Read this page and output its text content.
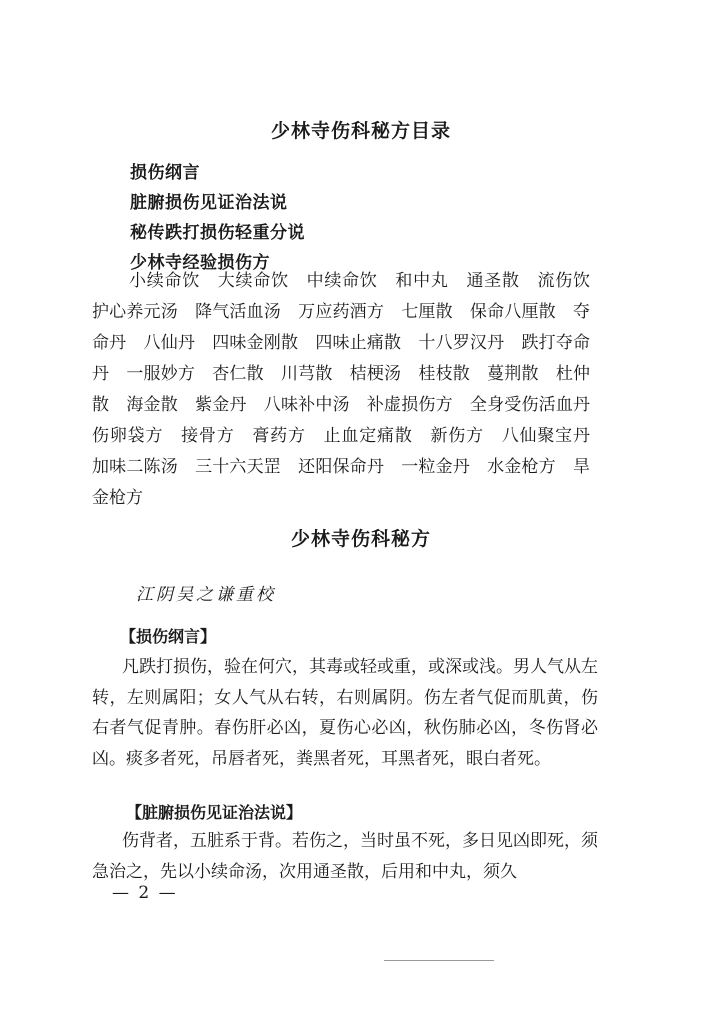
少林寺伤科秘方目录
损伤纲言
脏腑损伤见证治法说
秘传跌打损伤轻重分说
少林寺经验损伤方
小续命饮　大续命饮　中续命饮　和中丸　通圣散　流伤饮　护心养元汤　降气活血汤　万应药酒方　七厘散　保命八厘散　夺命丹　八仙丹　四味金刚散　四味止痛散　十八罗汉丹　跌打夺命丹　一服妙方　杏仁散　川芎散　桔梗汤　桂枝散　蔓荆散　杜仲散　海金散　紫金丹　八味补中汤　补虚损伤方　全身受伤活血丹　伤卵袋方　接骨方　膏药方　止血定痛散　新伤方　八仙聚宝丹　加味二陈汤　三十六天罡　还阳保命丹　一粒金丹　水金枪方　旱金枪方
少林寺伤科秘方
江阴吴之谦重校
【损伤纲言】
凡跌打损伤，验在何穴，其毒或轻或重，或深或浅。男人气从左转，左则属阳；女人气从右转，右则属阴。伤左者气促而肌黄，伤右者气促青肿。春伤肝必凶，夏伤心必凶，秋伤肺必凶，冬伤肾必凶。痰多者死，吊唇者死，粪黑者死，耳黑者死，眼白者死。
【脏腑损伤见证治法说】
伤背者，五脏系于背。若伤之，当时虽不死，多日见凶即死，须急治之，先以小续命汤，次用通圣散，后用和中丸，须久
— 2 —
